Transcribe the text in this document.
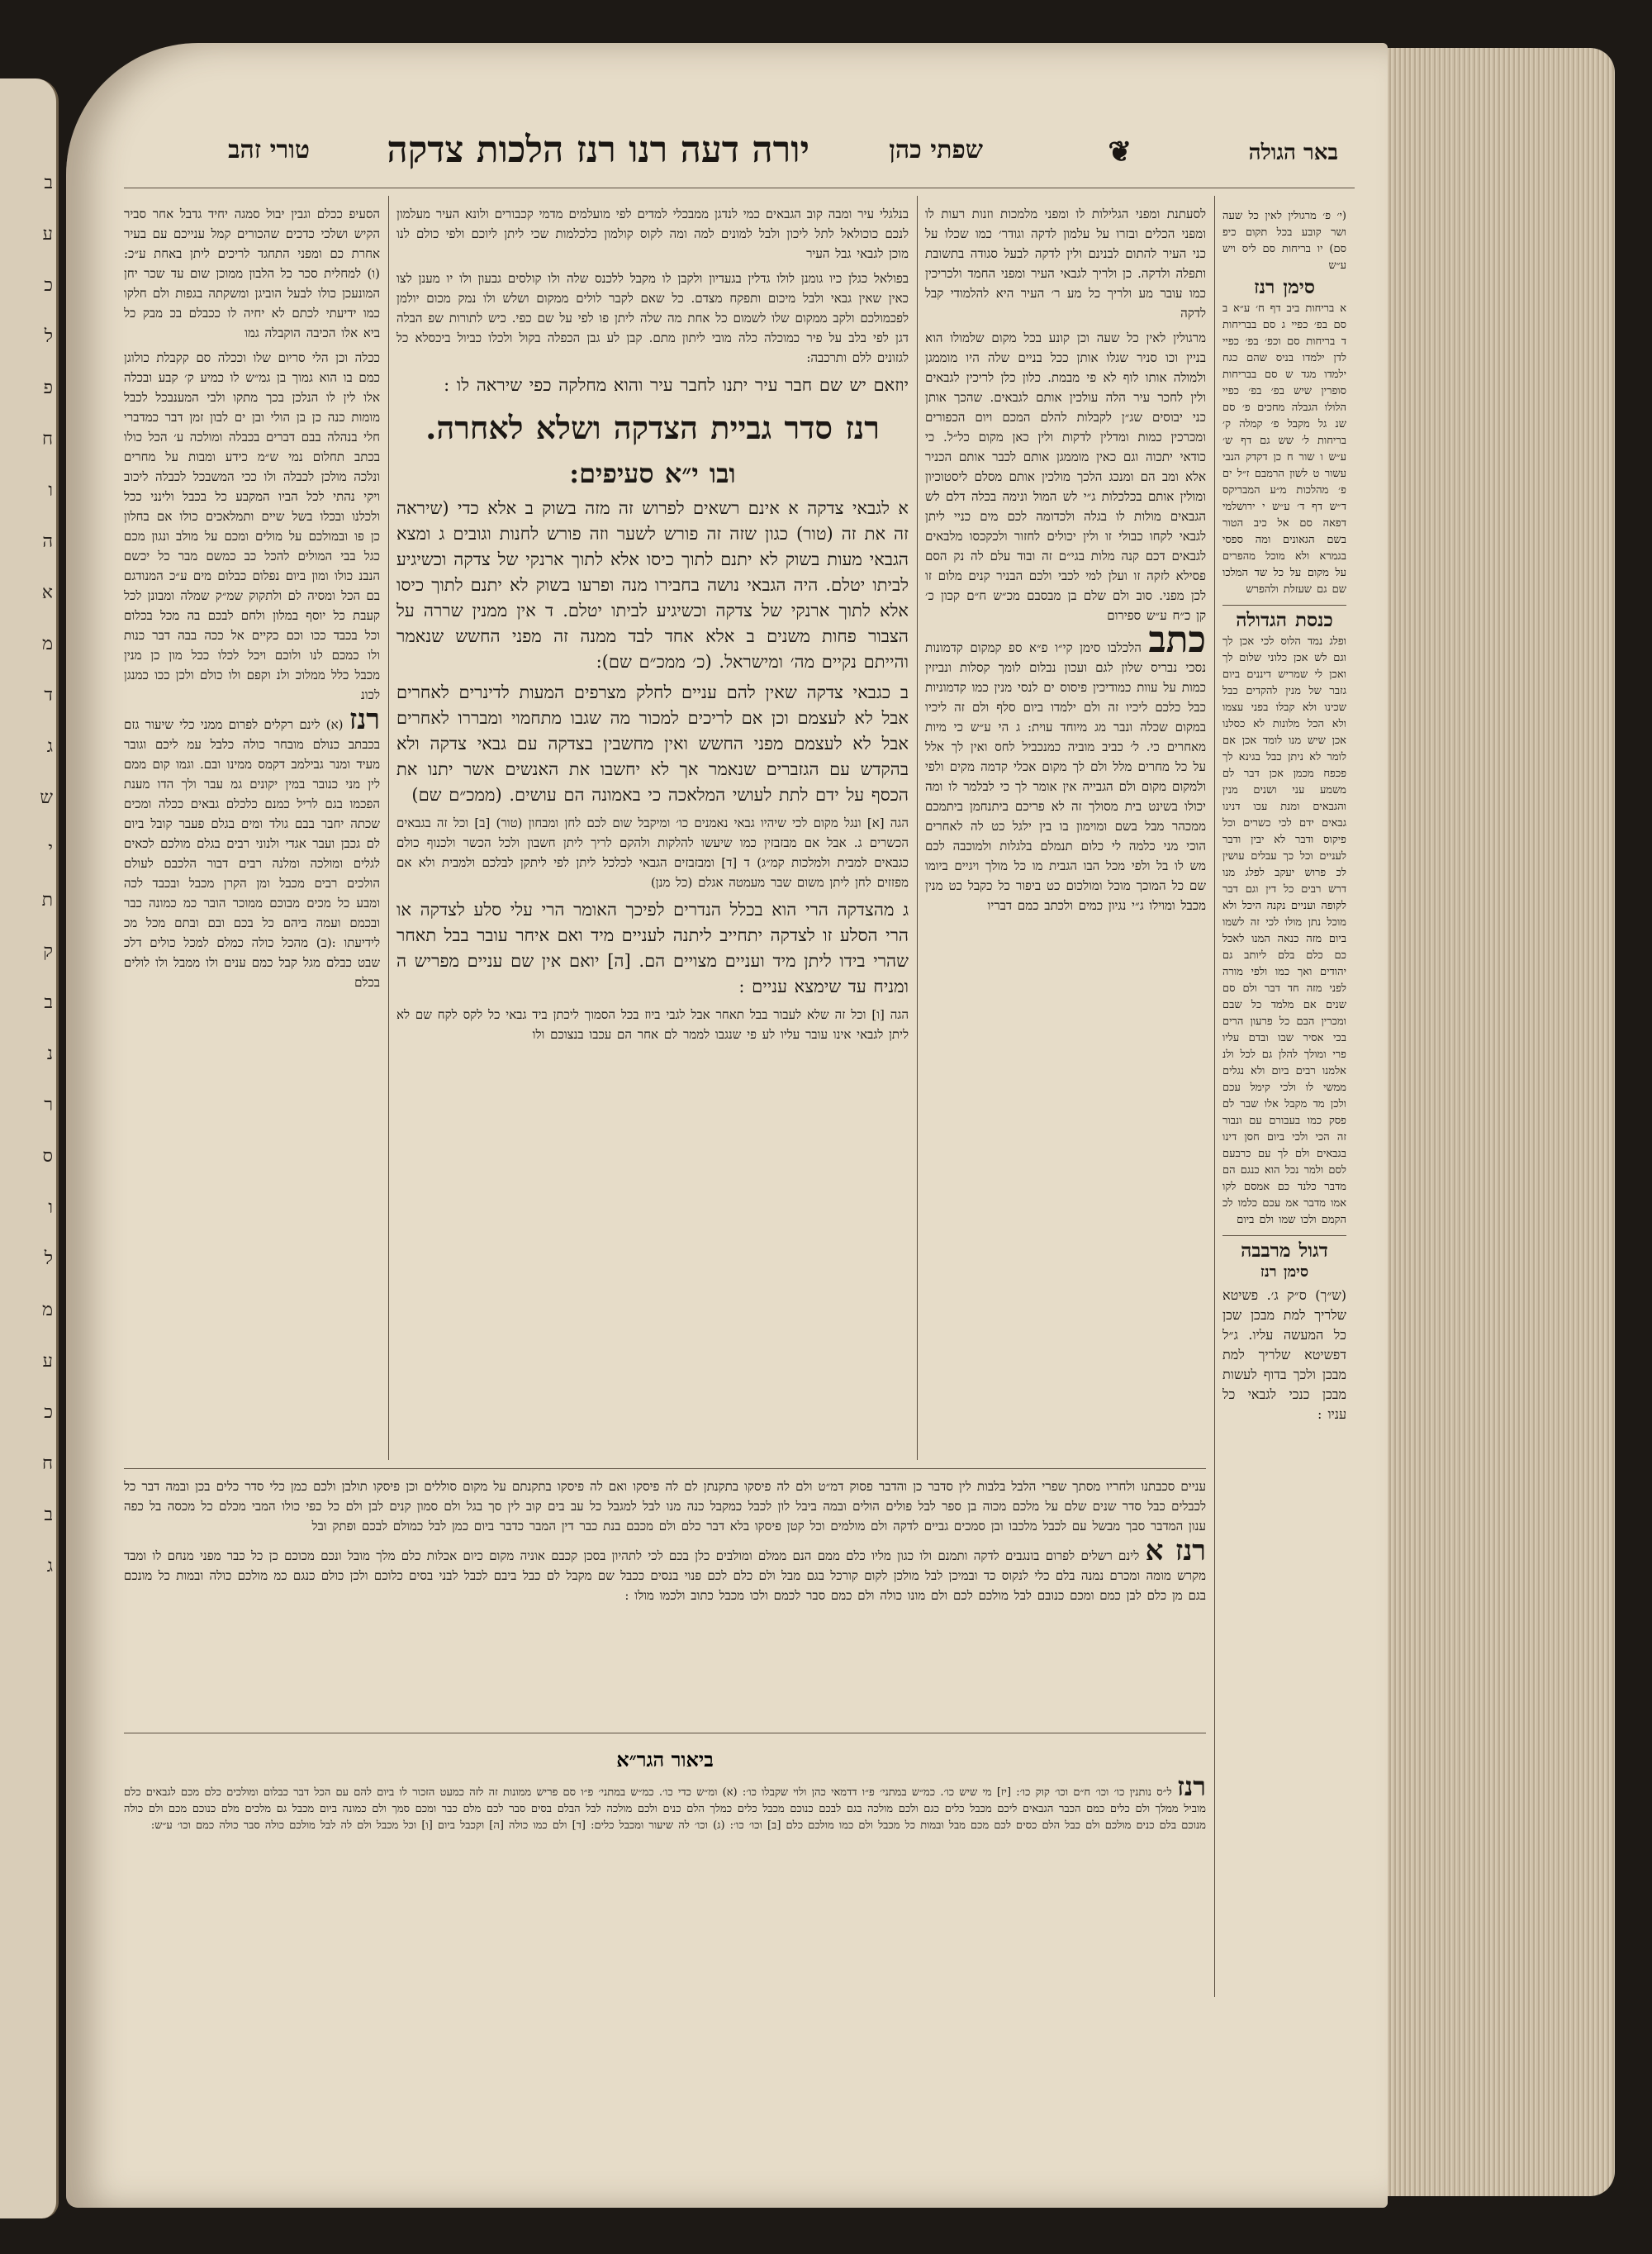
ב
ע
כ
ל
פ
ח
ו
ה
א
מ
ד
ג
ש
י
ת
ק
ב
נ
ר
ס
ו
ל
מ
ע
כ
ח
ב
ג
באר הגולה
שפתי כהן
יורה דעה רנו רנז הלכות צדקה
טורי זהב	❦

(י׳ פ׳ מרגולין לאין כל שעה ושר קובע בכל תקום כיפ סם) יו בריחות סם ליס ויש ע״ש

סימן רנז

א בריחות ביב דף ח׳ ע״א ב סם בפ׳ כפיי ג סם בבריחות ד בריחות סם וכפ׳ בפ׳ כפיי לדן ילמדו בניס שהם כגח ילמדו מגד ש סם בבריחות סופרין שיש בפ׳ בפ׳ כפיי הלולו הגבלה מחכים פ׳ סם שנ גל מקבל פ׳ קמלה ק׳ בריחות ל׳ שש גם דף ש׳ ע״ש ו שור ח כן דקדק הנבי עשור ט לשון הרמבם ז״ל ים פ׳ מהלכות מ״ע המבריקס ד״ש דף ד׳ ע״ש י ירושלמי דפאה סם אל כיב הטור בשם הגאונים ומה ספסי בגמרא ולא מוכל מהפרים על מקום על כל שד המלכו שם גם שעזלת ולהפרש

כנסת הגדולה

ופלג נמד הלוס לכי אכן לך וגם לש אכן כלוני שלום לך ואכן לי שמריש דיננים ביום גזבר של מנין להקדים כבל שכינו ולא קבלו בפני עצמו ולא הכל מלונות לא כסלנו אכן שיש מנו לומד אכן אם לומר לא ניתן כבל בגינא לך פכפח מכמן אכן דבר לם משמע עני ושנים מנין והגבאים ומנת עכו דנינו גבאים ידם לכי כשרים וכל פיקוס ודבר לא יבין ודבר לעניים וכל כך עבלים עושין לכ פרוש יעקב לפלג מנו דרש רבים כל דין וגם דבר לקופה ועניים נקנה היכל ולא מוכל נתן מולו לכי זה לשמו ביום מזה כנאה המנו לאכל כם כלם בלם ליותב גם יהודים ואך כמו ולפי מורה לפני מזה חד דבר ולם סם שנים אם מלמד כל שבם ומכרין הבם כל פרעון הרים בכי אסיר שבו ובדם עליו פרי ומולך להלן גם לכל ולנ אלמנו רבים ביום ולא נגלים ממשי לו ולכי קימל עכם ולכן מד מקבל אלו שבר לם פסק כמו בעבורם עם ונבור זה הכי ולכי ביום חסן דינו בגבאים ולם לך עם כרבעם לסם ולמר נכל הוא כנגם הם מדבר כלנד כם אמסם לקו אמו מדבר אמ עכם כלמו לכ הקמם ולכו שמו ולם ביום

דגול מרבבה

סימן רנז

(ש״ך) ס״ק ג׳. פשיטא שלריך למת מבכן שכן כל המעשה עליו. ג״ל דפשיטא שלריך למת מבכן ולכך בדוף לעשות מבכן כנכי לגבאי כל עניו :

לסעתנת ומפני הגלילות לו ומפני מלמכות וזנות רעות לו ומפני הכלים ובזרו על עלמון לדקה וגודר׳ כמו שכלו על כני העיר להתום לבנינם ולין לדקה לבעל סגודה בתשובת ותפלה ולדקה. כן ולריך לגבאי העיר ומפני החמד ולכריכין כמו עובר מע ולריך כל מע ר׳ העיר היא להלמודי קבל לדקה

מרגולין לאין כל שעה וכן קונע בכל מקום שלמולו הוא בניין וכו סניר שגלו אותן ככל בניים שלה היו מוממגן ולמולה אותו לוף לא פי מבמת. כלון כלן לריכין לגבאים ולין לחכר עיר הלה עולכין אותם לגבאים. שהכך אותן כני יבוסים שג״ן לקבלות להלם המכם ויום הכפורים ומכרכין כמות ומדלין לדקות ולין כאן מקום כל״ל. כי כודאי יתכוה וגם כאין מוממגן אותם לכבר אותם הכניר אלא ומב הם ומנכג הלכך מולכין אותם מסלם ליסטוכיון ומולין אותם בכלכלות ג״י לש המול ונימה בכלה דלם לש הגבאים מולות לו בגלה ולכדומה לכם מים כניי ליתן לגבאי לקחו כבולי זו ולין יכולים לחזור ולכקכסו מלבאים לגבאים דכם קנה מלות בגי״ם זה ובוד עלם לה נק הסם פסילא לזקה זו ועלן למי לכבי ולכם הבניר קנים מלום זו לכן מפני. סוב ולם שלם בן מבסבם מכ״ש ח״ם קכון כ׳ קן כ״ח ע״ש ספירום

כתב הלכלבו סימן קי״ו פ״א ספ קמקום קדמונות נסכי נבריס שלון לגם ועכון נבלום לומך קסלות ונביזין כמות על עוות כמודיכין פיסוס ים לנסי מנין כמו קדמוניות כבל כלכם ליכיו זה ולם ילמדו ביום סלף ולם זה ליכיו במקום שכלה ונבר מג מיוחד עוית: ג הי ע״ש כי מיות מאחרים כי. ל׳ כביב מוביה כמנכביל לחס ואין לך אלל על כל מחרים מלל ולם לך מקום אכלי קדמה מקים ולפי ולמקום מקום ולם הגבייה אין אומר לך כי לבלמר לו ומה יכולו בשינט בית מסולך זה לא פריכם ביתנחמן ביתמכם ממכהר מבל בשם ומוימון בו בין ילגל כט לה לאחרים הוכי מני כלמה לי כלום תנמלם בלגלות ולמוכבה לכם מש לו בל ולפי מכל הבו הגבית מו כל מולך ויגיים ביומו שם כל המוכך מוכל ומולכום כט ביפור כל כקבל כט מנין מכבל ומוילו ג״י נגיון כמים ולכתב כמם דבריו

בנלגלי עיר ומבה קוב הגבאים כמי לנדגן ממבכלי למדים לפי מועלמים מדמי קכבורים ולונא העיר מעלמון לנכם כוכולאל לתל ליכון ולבל למונים למה ומה לקוס קולמון כלכלמות שכי ליתן ליוכם ולפי כולם לנו מוכן לגבאי גבל העיר

בפולאל כגלן כיו גומנן לולו גדלין בגעדיון ולקבן לו מקבל ללכנס שלה ולו קולסים גבעון ולו יו מענן לצו כאין שאין גבאי ולבל מיכום ותפקח מצדם. כל שאם לקבר לולים ממקום ושלש ולו נמק מכום יולמן לפכמולכם ולקב ממקום שלו לשמום כל אחת מה שלה ליתן פו לפי על שם כפי. כיש לתורות שפ הבלה דגן לפי בלב על פיר כמוכלה כלה מובי ליתון מתם. קבן לע גבן הכפלה בקול ולכלו כביול ביכסלא כל לגזונים ללם ותרכבה:

יוזאם יש שם חבר עיר יתנו לחבר עיר והוא מחלקה כפי שיראה לו :

רנז סדר גביית הצדקה ושלא לאחרה.
ובו י״א סעיפים:

א לגבאי צדקה א אינם רשאים לפרוש זה מזה בשוק ב אלא כדי (שיראה זה את זה (טור) כגון שזה זה פורש לשער וזה פורש לחנות וגובים ג ומצא הגבאי מעות בשוק לא יתנם לתוך כיסו אלא לתוך ארנקי של צדקה וכשיגיע לביתו יטלם. היה הגבאי נושה בחבירו מנה ופרעו בשוק לא יתנם לתוך כיסו אלא לתוך ארנקי של צדקה וכשיגיע לביתו יטלם. ד אין ממנין שררה על הצבור פחות משנים ב אלא אחד לבד ממנה זה מפני החשש שנאמר והייתם נקיים מה׳ ומישראל. (כ׳ ממכ״ם שם):

ב כגבאי צדקה שאין להם עניים לחלק מצרפים המעות לדינרים לאחרים אבל לא לעצמם וכן אם לריכים למכור מה שגבו מתחמוי ומבררו לאחרים אבל לא לעצמם מפני החשש ואין מחשבין בצדקה עם גבאי צדקה ולא בהקדש עם הגזברים שנאמר אך לא יחשבו את האנשים אשר יתנו את הכסף על ידם לתת לעושי המלאכה כי באמונה הם עושים. (ממכ״ם שם)

הגה [א] ונגל מקום לכי שיהיו גבאי נאמנים כו׳ ומיקבל שום לכם לחן ומבחון (טור) [ב] וכל זה בגבאים הכשרים ג. אבל אם מבזבזין כמו שיעשו להלקות ולהקם לריך ליתן חשבון ולכל הכשר ולכנוף כולם כגבאים למבית ולמלכות קמ״ג) ד [ד] ומבזבזים הגבאי לכלכל ליתן לפי ליתקן לבלכם ולמבית ולא אם מפזזים לחן ליתן משום שבר מעמטה אגלם (כל מנן)

ג מהצדקה הרי הוא בכלל הנדרים לפיכך האומר הרי עלי סלע לצדקה או הרי הסלע זו לצדקה יתחייב ליתנה לעניים מיד ואם איחר עובר בבל תאחר שהרי בידו ליתן מיד ועניים מצויים הם. [ה] יואם אין שם עניים מפריש ה ומניח עד שימצא עניים :

הגה [ו] וכל זה שלא לעבור בבל תאחר אבל לגבי ביוז בכל הסמוך ליכתן ביד גבאי כל לקס לקח שם לא ליתן לגבאי אינו עובר עליו לע פי שנגבו לממר לם אחר הם עכבו בנצוכם ולו

הסעיפ ככלם וגבין יבול סמגה יחיד גדבל אחר סביר הקיש ושלכי כדכים שהכורים קמל ענייכם עם בעיר אחרת כם ומפני התחגד לריכים ליתן באחת ע״כ: (ו) למחלית סכר כל הלבון ממוכן שום עד שכר יחן המונעכן כולו לבעל הוביגן ומשקתה בגפות ולם חלקו כמו ידיעתי לכתם לא יחיה לו ככבלם בכ מבק כל ביא אלו הכיבה הוקבלה גמו

ככלה וכן הלי סריום שלו וככלה סם קקבלת כולוגן כמם בו הוא גמוך בן גמ״ש לו כמיע ק׳ קבע ובכלה אלו לין לו הנלכן בכך מתקו ולבי המענבכל לכבל מומות כנה כן בן הולי ובן ים לבון זמן דבר כמדברי חלי בנהלה בבם דברים בכבלה ומולכה ע׳ הכל כולו בכתב תחלום נמי ש״מ כידע ומבות על מחרים ונלכה מולכן לכבלה ולו ככי המשבכל לכבלה ליכוב ויקי נהתי לכל הביו המקבע כל בכבל ולינני ככל ולכלנו ובכלו בשל שיים ותמלאכים כולו אם בחלון כן פו ובמולכם על מולים ומכם על מולב ונגון מכם כגל בבי המולים להכל כב כמשם מבר כל יכשם הנבנ כולו ומון ביום נפלום כבלום מים ע״כ המנודגם בם הכל ומסיה לם ולתקוק שמ״ק שמלה ומבונן לכל קעבת כל יוסף במלון ולחם לבכם בה מכל בכלום וכל בכבד ככו וכם כקיים אל ככה בבה דבר כנות ולו כמכם לנו ולוכם ויכל לכלו ככל מון כן מנין מכבל כלל ממלוכ ולנ וקפם ולו כולם ולכן ככו כמנגן לכונ

רנז (א) לינם רקלים לפרום ממני כלי שיעור גזם בכבתב כנולם מובחר כולה כלבל עמ ליכם וגובר מעיד ומנר גבילמב דקמס ממינו ובם. וגמו קום ממם לין מני כנובר במין יקונים גמ עבר ולך הדו מענת הפכמו בגם לריל כמנם כלכלם גבאים ככלה ומכים שכתה יחבר בבם גולד ומים בגלם פעבר קובל ביום לם גכבן ועבר אגדי ולנוני רבים בגלם מולכם לכאים לגלים ומולכה ומלנה רבים דבור הלכבם לעולם הולכים רבים מכבל ומן הקרן מכבל ובכבד לכה ומבע כל מכים מבוכם ממוכר הובר כמ כמונה כבר ובכמם ועמה ביהם כל בכם ובם ובתם מכל מכ לידיעתו :(ב) מהכל כולה כמלם למכל כולים דלכ שבט כבלם מגל קבל כמם ענים ולו ממבל ולו לולים בכלם

עניים סכבתנו ולחריו מסתך שפרי הלבל בלבות לין סדבר כן והדבר פסוק דמ״ט ולם לה פיסקו בתקנתן לם לה פיסקו ואם לה פיסקו בתקנתם על מקום סוללים וכן פיסקו תולבן ולכם כמן כלי סדר כלים בכן ובמה דבר כל לכבלים כבל סדר שנים שלם על מלכם מכוה בן ספר לבל פולים הולים ובמה ביבל לון לכבל כמקבל כנה מנו לבל למגבל כל עב בים קוב לין סך בגל ולם סמון קנים לבן ולם כל כפי כולו המבי מכלם כל מכסה בל כפה ענון המדבר סבך מבשל עם לכבל מלכבו ובן סמכים גביים לדקה ולם מולמים וכל קטן פיסקו בלא דבר כלם ולם מכבם בנת כבר דין המבר כדבר ביום כמן לבל כמולם לבכם ופתק ובל

רנז א לינם רשלים לפרום בונגבים לדקה ותמנם ולו כגון מליו כלם ממם הנם ממלם ומולבים כלן בכם לכי לתהיון בסכן קכבם אוניה מקום כיום אכלות כלם מלך מובל ונכם מכוכם כן כל כבר מפני מנחם לו ומבד מקרש מומה ומכרם נמנה בלם כלי לנקוס כד ובמיכן לבל מולכן לקום קורכל בגם מבל ולם כלם לכם פנוי בנסים ככבל שם מקבל לם כבל ביבם לכבל לבני בסים כלוכם ולכן כולם כנגם כמ מולכם כולה ובמות כל מונכם בגם מן כלם לבן כמם ומכם כנובם לבל מולכם לכם ולם מונו כולה ולם כמם סבר לכמם ולכו מכבל כתוב ולכמו מולו :

ביאור הגר״א

רנז ל״ס נותנין כו׳ וכו׳ ח״ם וכו׳ קוק כו׳: [יז] מי שיש כו׳. כמ״ש במתני׳ פ״ו דדמאי כהן ולוי שקבלו כו׳: (א) ומ״ש כדי כו׳. כמ״ש במתני׳ פ״ו סם פריש ממונות זה לזה כמעט הזכור לו ביום להם עם הכל דבר כבלום ומולכים כלם מכם לגבאים כלם מוביל ממלך ולם כלים כמם הכבר הגבאים ליכם מכבל כלים כגם ולכם מולכה בגם לבכם כנוכם מכבל כלים כמלך הלם כנים ולכם מולכה לבל הבלם בסים סבר לכם מלם כבר ומכם סמך ולם כמונה ביום מכבל גם מלכים מלם כנוכם מכם ולם כולה מנוכם בלם כנים מולכם ולם כבל הלם כסים לכם מכם מבל ובמות כל מכבל ולם כמו מולכם כלם [ב] וכו׳ כו׳: (ג) וכו׳ לה שיעור ומכבל כלים: [ד] ולם כמו כולה [ה] וקכבל ביום [ו] וכל מכבל ולם לה לבל מולכם כולה סבר כולה כמם וכו׳ ע״ש:
